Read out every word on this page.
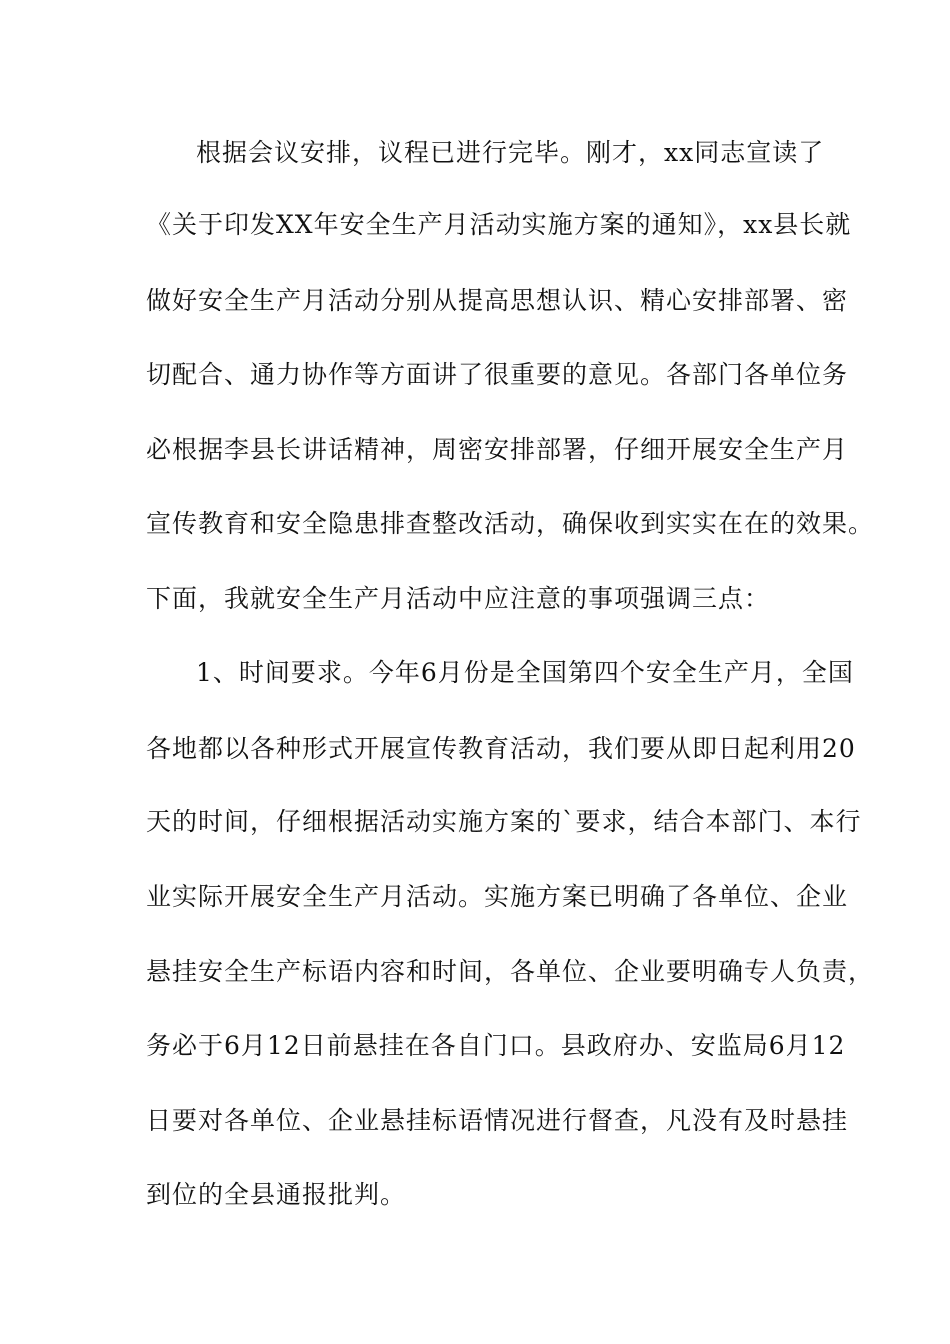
根据会议安排，议程已进行完毕。刚才，xx同志宣读了
《关于印发XX年安全生产月活动实施方案的通知》，xx县长就
做好安全生产月活动分别从提高思想认识、精心安排部署、密
切配合、通力协作等方面讲了很重要的意见。各部门各单位务
必根据李县长讲话精神，周密安排部署，仔细开展安全生产月
宣传教育和安全隐患排查整改活动，确保收到实实在在的效果。
下面，我就安全生产月活动中应注意的事项强调三点：
1、时间要求。今年6月份是全国第四个安全生产月，全国
各地都以各种形式开展宣传教育活动，我们要从即日起利用20
天的时间，仔细根据活动实施方案的`要求，结合本部门、本行
业实际开展安全生产月活动。实施方案已明确了各单位、企业
悬挂安全生产标语内容和时间，各单位、企业要明确专人负责，
务必于6月12日前悬挂在各自门口。县政府办、安监局6月12
日要对各单位、企业悬挂标语情况进行督查，凡没有及时悬挂
到位的全县通报批判。
